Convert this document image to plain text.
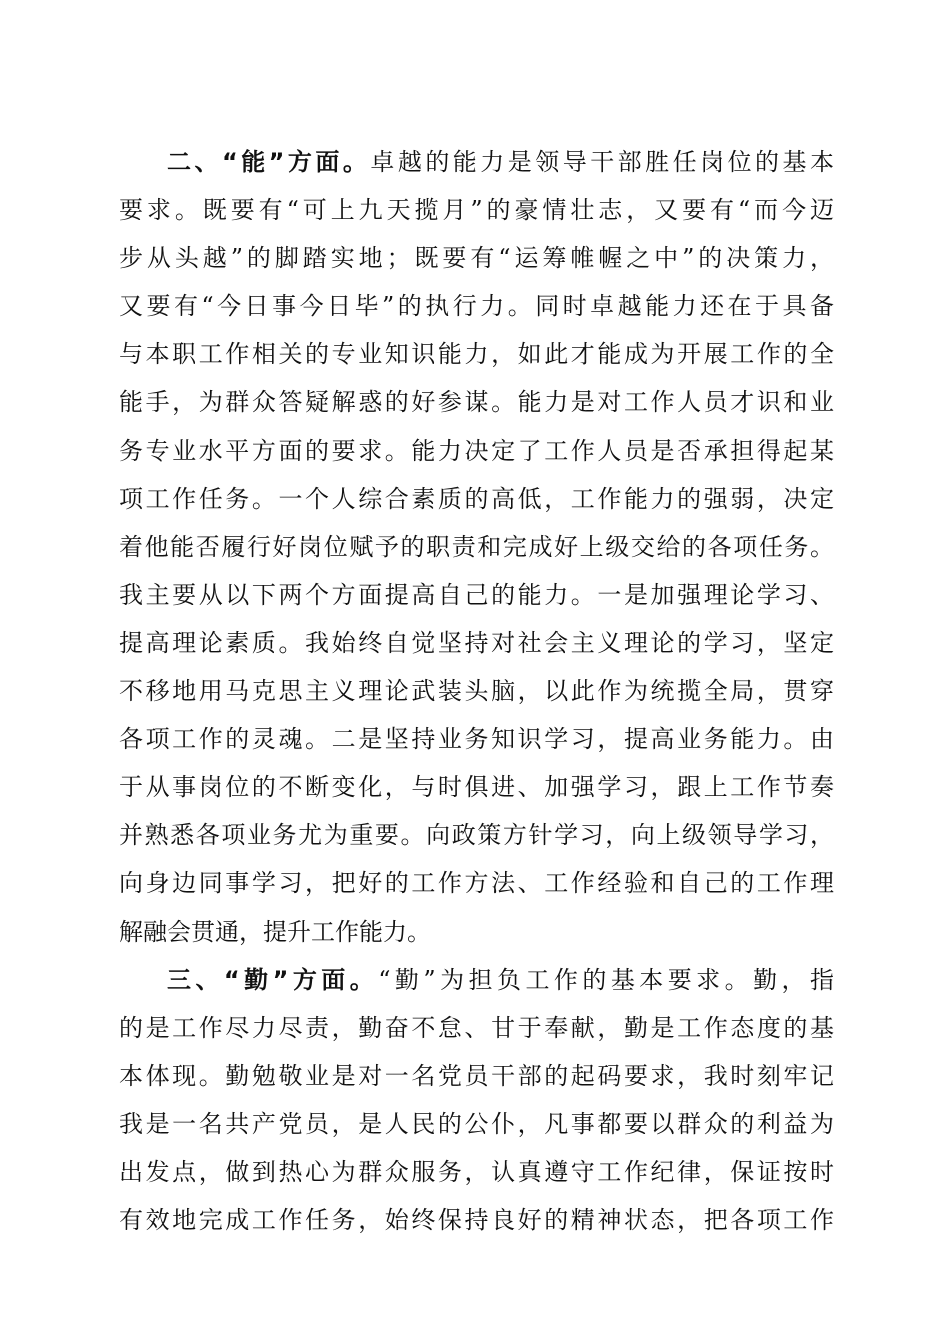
二、“能”方面。卓越的能力是领导干部胜任岗位的基本
要求。既要有“可上九天揽月”的豪情壮志，又要有“而今迈
步从头越”的脚踏实地；既要有“运筹帷幄之中”的决策力，
又要有“今日事今日毕”的执行力。同时卓越能力还在于具备
与本职工作相关的专业知识能力，如此才能成为开展工作的全
能手，为群众答疑解惑的好参谋。能力是对工作人员才识和业
务专业水平方面的要求。能力决定了工作人员是否承担得起某
项工作任务。一个人综合素质的高低，工作能力的强弱，决定
着他能否履行好岗位赋予的职责和完成好上级交给的各项任务。
我主要从以下两个方面提高自己的能力。一是加强理论学习、
提高理论素质。我始终自觉坚持对社会主义理论的学习，坚定
不移地用马克思主义理论武装头脑，以此作为统揽全局，贯穿
各项工作的灵魂。二是坚持业务知识学习，提高业务能力。由
于从事岗位的不断变化，与时俱进、加强学习，跟上工作节奏
并熟悉各项业务尤为重要。向政策方针学习，向上级领导学习，
向身边同事学习，把好的工作方法、工作经验和自己的工作理
解融会贯通，提升工作能力。
三、“勤”方面。“勤”为担负工作的基本要求。勤，指
的是工作尽力尽责，勤奋不怠、甘于奉献，勤是工作态度的基
本体现。勤勉敬业是对一名党员干部的起码要求，我时刻牢记
我是一名共产党员，是人民的公仆，凡事都要以群众的利益为
出发点，做到热心为群众服务，认真遵守工作纪律，保证按时
有效地完成工作任务，始终保持良好的精神状态，把各项工作
